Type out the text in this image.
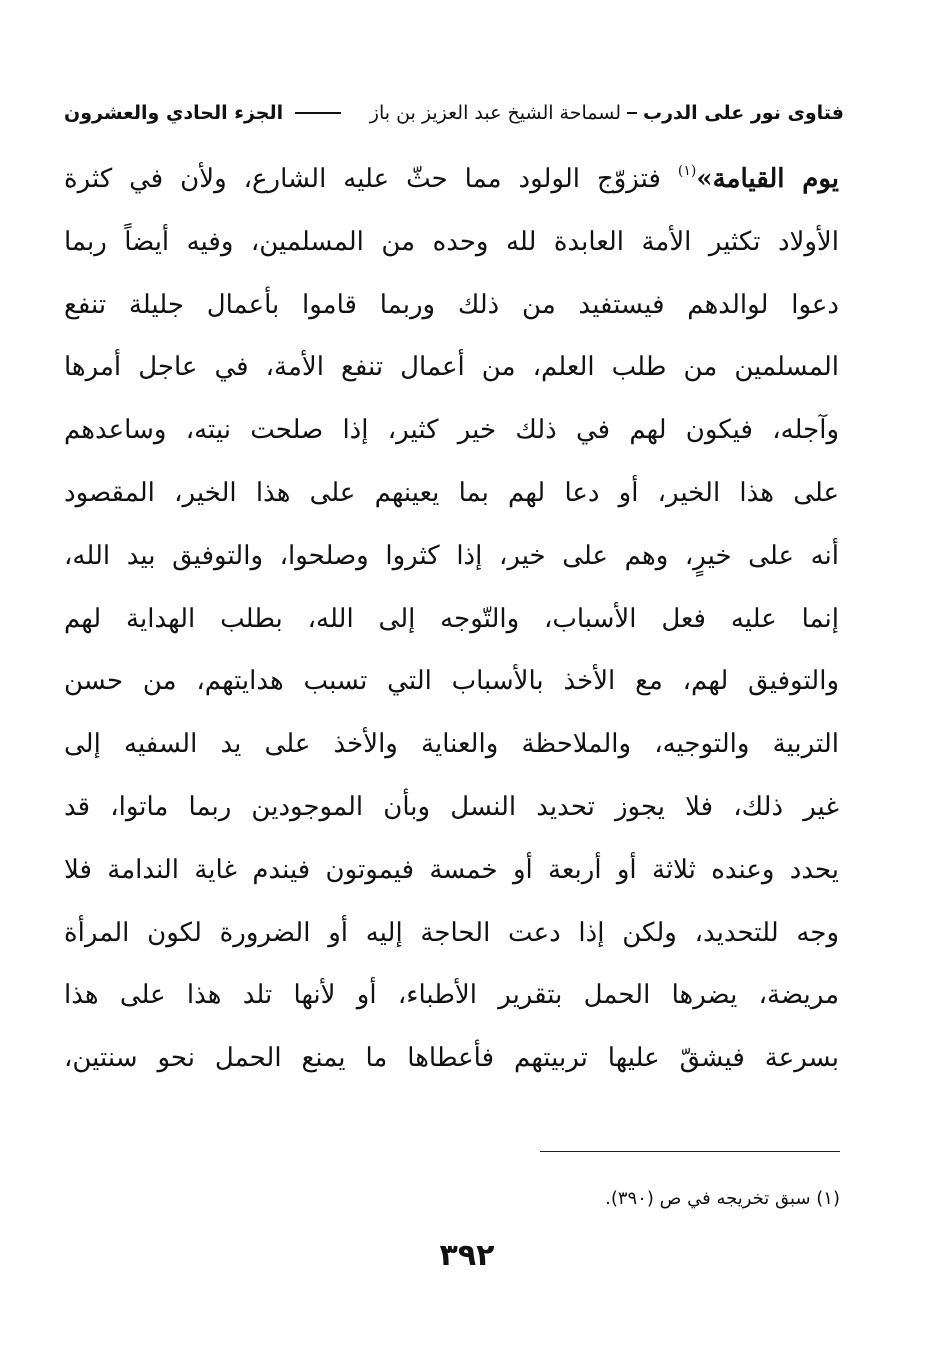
فتاوى نور على الدرب
لسماحة الشيخ عبد العزيز بن باز
الجزء الحادي والعشرون
يوم القيامة»$^{(١)}$ فتزوّج الولود مما حثّ عليه الشارع، ولأن في كثرة
الأولاد تكثير الأمة العابدة لله وحده من المسلمين، وفيه أيضاً ربما
دعوا لوالدهم فيستفيد من ذلك وربما قاموا بأعمال جليلة تنفع
المسلمين من طلب العلم، من أعمال تنفع الأمة، في عاجل أمرها
وآجله، فيكون لهم في ذلك خير كثير، إذا صلحت نيته، وساعدهم
على هذا الخير، أو دعا لهم بما يعينهم على هذا الخير، المقصود
أنه على خيرٍ، وهم على خير، إذا كثروا وصلحوا، والتوفيق بيد الله،
إنما عليه فعل الأسباب، والتّوجه إلى الله، بطلب الهداية لهم
والتوفيق لهم، مع الأخذ بالأسباب التي تسبب هدايتهم، من حسن
التربية والتوجيه، والملاحظة والعناية والأخذ على يد السفيه إلى
غير ذلك، فلا يجوز تحديد النسل وبأن الموجودين ربما ماتوا، قد
يحدد وعنده ثلاثة أو أربعة أو خمسة فيموتون فيندم غاية الندامة فلا
وجه للتحديد، ولكن إذا دعت الحاجة إليه أو الضرورة لكون المرأة
مريضة، يضرها الحمل بتقرير الأطباء، أو لأنها تلد هذا على هذا
بسرعة فيشقّ عليها تربيتهم فأعطاها ما يمنع الحمل نحو سنتين،
(١) سبق تخريجه في ص (٣٩٠).
٣٩٢
